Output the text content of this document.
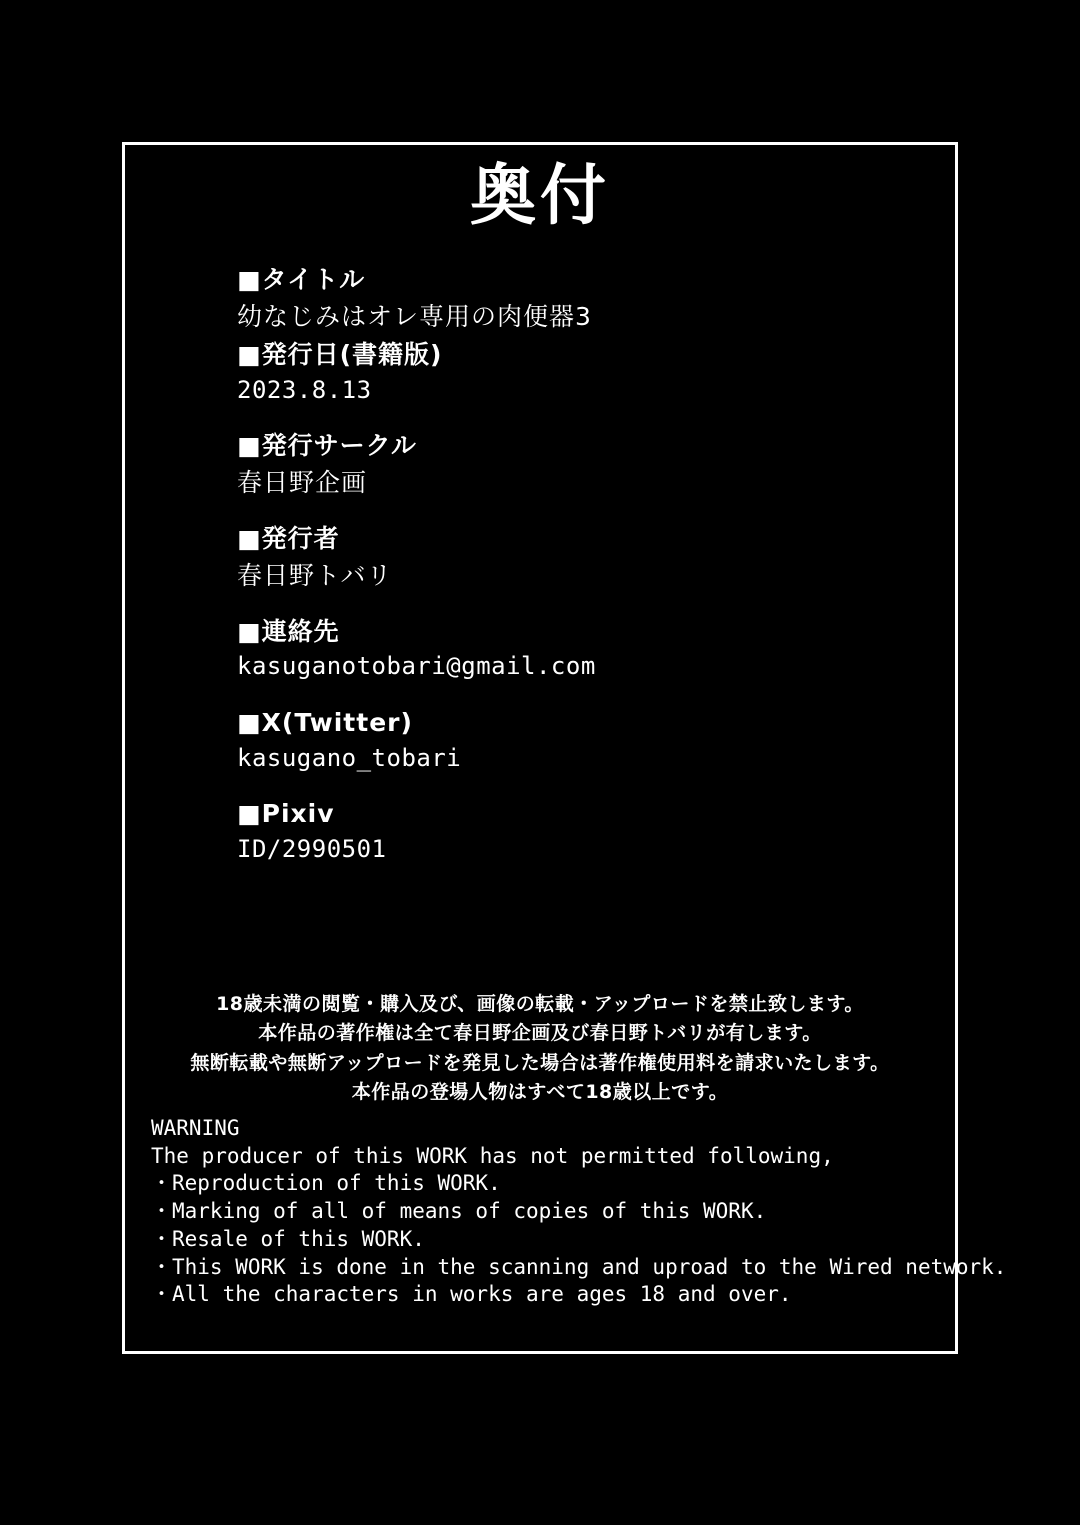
奥付
■タイトル
幼なじみはオレ専用の肉便器3
■発行日(書籍版)
2023.8.13
■発行サークル
春日野企画
■発行者
春日野トバリ
■連絡先
kasuganotobari@gmail.com
■X(Twitter)
kasugano_tobari
■Pixiv
ID/2990501
18歳未満の閲覧・購入及び、画像の転載・アップロードを禁止致します。
本作品の著作権は全て春日野企画及び春日野トバリが有します。
無断転載や無断アップロードを発見した場合は著作権使用料を請求いたします。
本作品の登場人物はすべて18歳以上です。
WARNING
The producer of this WORK has not permitted following,
・Reproduction of this WORK.
・Marking of all of means of copies of this WORK.
・Resale of this WORK.
・This WORK is done in the scanning and uproad to the Wired network.
・All the characters in works are ages 18 and over.
